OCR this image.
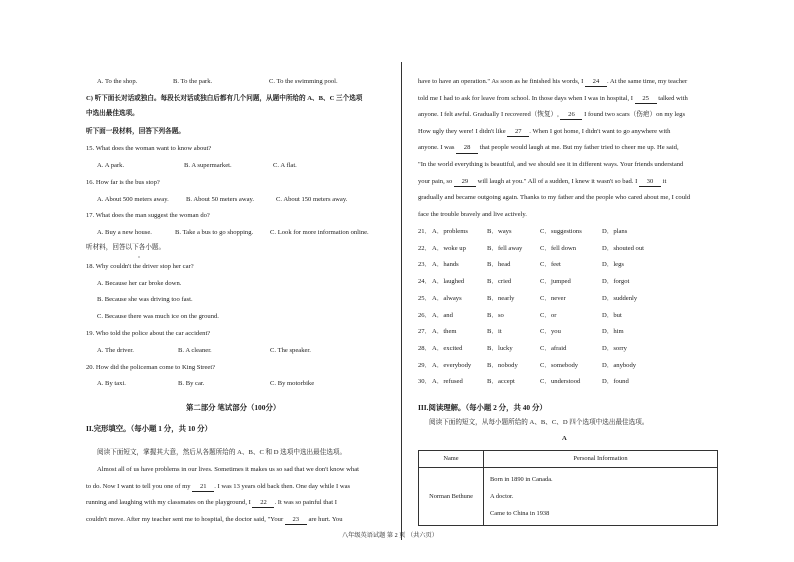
A. To the shop.	B. To the park.	C. To the swimming pool.
C) 听下面长对话或独白。每段长对话或独白后都有几个问题，从题中所给的 A、B、C 三个选项
中选出最佳选项。
听下面一段材料，回答下列各题。
15. What does the woman want to know about?
A. A park.	B. A supermarket.	C. A flat.
16. How far is the bus stop?
A. About 500 meters away.	B. About 50 meters away.	C. About 150 meters away.
17. What does the man suggest the woman do?
A. Buy a new house.	B. Take a bus to go shopping.	C. Look for more information online.
听材料，回答以下各小题。
18. Why couldn't the driver stop her car?
A. Because her car broke down.
B. Because she was driving too fast.
C. Because there was much ice on the ground.
19. Who told the police about the car accident?
A. The driver.	B. A cleaner.	C. The speaker.
20. How did the policeman come to King Street?
A. By taxi.	B. By car.	C. By motorbike
第二部分 笔试部分（100分）
II.完形填空。（每小题 1 分，共 10 分）
阅读下面短文，掌握其大意，然后从各题所给的 A、B、C 和 D 选项中选出最佳选项。
Almost all of us have problems in our lives. Sometimes it makes us so sad that we don't know what
to do. Now I want to tell you one of my 21 . I was 13 years old back then. One day while I was
running and laughing with my classmates on the playground, I 22 . It was so painful that I
couldn't move. After my teacher sent me to hospital, the doctor said, "Your 23 are hurt. You
have to have an operation." As soon as he finished his words, I 24 . At the same time, my teacher
told me I had to ask for leave from school. In those days when I was in hospital, I 25 talked with
anyone. I felt awful. Gradually I recovered（恢复）, 26 I found two scars（伤疤）on my legs
How ugly they were! I didn't like 27 . When I got home, I didn't want to go anywhere with
anyone. I was 28 that people would laugh at me. But my father tried to cheer me up. He said,
"In the world everything is beautiful, and we should see it in different ways. Your friends understand
your pain, so 29 will laugh at you." All of a sudden, I knew it wasn't so bad. I 30 it
gradually and became outgoing again. Thanks to my father and the people who cared about me, I could
face the trouble bravely and live actively.
21． A．problems	B．ways	C．suggestions	D．plans
22． A．woke up	B．fell away	C．fell down	D．shouted out
23． A．hands	B．head	C．feet	D．legs
24． A．laughed	B．cried	C．jumped	D．forgot
25． A．always	B．nearly	C．never	D．suddenly
26． A．and	B．so	C．or	D．but
27． A．them	B．it	C．you	D．him
28． A．excited	B．lucky	C．afraid	D．sorry
29． A．everybody B．nobody	C．somebody	D．anybody
30． A．refused	B．accept	C．understood	D．found
III.阅读理解。（每小题 2 分，共 40 分）
阅读下面的短文，从每小题所给的 A、B、C、D 四个选项中选出最佳选项。
A
Name	Personal Information
Norman Bethune	Born in 1890 in Canada.
A doctor.
Came to China in 1938
八年级英语试题 第 2 页 （共六页）
